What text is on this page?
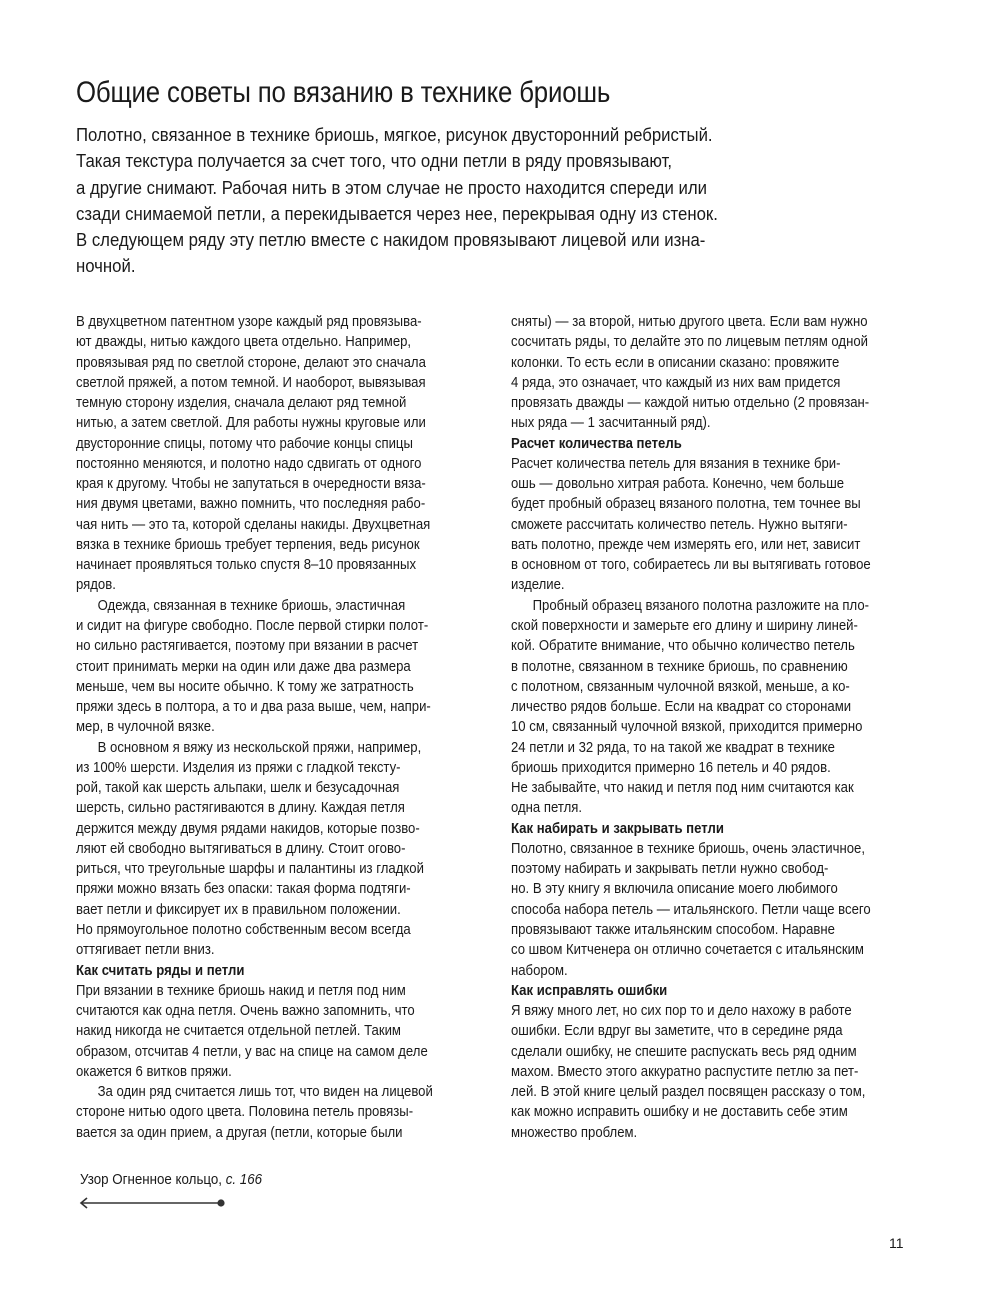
Общие советы по вязанию в технике бриошь
Полотно, связанное в технике бриошь, мягкое, рисунок двусторонний ребристый.
Такая текстура получается за счет того, что одни петли в ряду провязывают,
а другие снимают. Рабочая нить в этом случае не просто находится спереди или
сзади снимаемой петли, а перекидывается через нее, перекрывая одну из стенок.
В следующем ряду эту петлю вместе с накидом провязывают лицевой или изна-
ночной.
В двухцветном патентном узоре каждый ряд провязыва-
ют дважды, нитью каждого цвета отдельно. Например,
провязывая ряд по светлой стороне, делают это сначала
светлой пряжей, а потом темной. И наоборот, вывязывая
темную сторону изделия, сначала делают ряд темной
нитью, а затем светлой. Для работы нужны круговые или
двусторонние спицы, потому что рабочие концы спицы
постоянно меняются, и полотно надо сдвигать от одного
края к другому. Чтобы не запутаться в очередности вяза-
ния двумя цветами, важно помнить, что последняя рабо-
чая нить — это та, которой сделаны накиды. Двухцветная
вязка в технике бриошь требует терпения, ведь рисунок
начинает проявляться только спустя 8–10 провязанных
рядов.
Одежда, связанная в технике бриошь, эластичная
и сидит на фигуре свободно. После первой стирки полот-
но сильно растягивается, поэтому при вязании в расчет
стоит принимать мерки на один или даже два размера
меньше, чем вы носите обычно. К тому же затратность
пряжи здесь в полтора, а то и два раза выше, чем, напри-
мер, в чулочной вязке.
В основном я вяжу из нескольской пряжи, например,
из 100% шерсти. Изделия из пряжи с гладкой тексту-
рой, такой как шерсть альпаки, шелк и безусадочная
шерсть, сильно растягиваются в длину. Каждая петля
держится между двумя рядами накидов, которые позво-
ляют ей свободно вытягиваться в длину. Стоит огово-
риться, что треугольные шарфы и палантины из гладкой
пряжи можно вязать без опаски: такая форма подтяги-
вает петли и фиксирует их в правильном положении.
Но прямоугольное полотно собственным весом всегда
оттягивает петли вниз.
Как считать ряды и петли
При вязании в технике бриошь накид и петля под ним
считаются как одна петля. Очень важно запомнить, что
накид никогда не считается отдельной петлей. Таким
образом, отсчитав 4 петли, у вас на спице на самом деле
окажется 6 витков пряжи.
За один ряд считается лишь тот, что виден на лицевой
стороне нитью одого цвета. Половина петель провязы-
вается за один прием, а другая (петли, которые были
сняты) — за второй, нитью другого цвета. Если вам нужно
сосчитать ряды, то делайте это по лицевым петлям одной
колонки. То есть если в описании сказано: провяжите
4 ряда, это означает, что каждый из них вам придется
провязать дважды — каждой нитью отдельно (2 провязан-
ных ряда — 1 засчитанный ряд).
Расчет количества петель
Расчет количества петель для вязания в технике бри-
ошь — довольно хитрая работа. Конечно, чем больше
будет пробный образец вязаного полотна, тем точнее вы
сможете рассчитать количество петель. Нужно вытяги-
вать полотно, прежде чем измерять его, или нет, зависит
в основном от того, собираетесь ли вы вытягивать готовое
изделие.
Пробный образец вязаного полотна разложите на пло-
ской поверхности и замерьте его длину и ширину линей-
кой. Обратите внимание, что обычно количество петель
в полотне, связанном в технике бриошь, по сравнению
с полотном, связанным чулочной вязкой, меньше, а ко-
личество рядов больше. Если на квадрат со сторонами
10 см, связанный чулочной вязкой, приходится примерно
24 петли и 32 ряда, то на такой же квадрат в технике
бриошь приходится примерно 16 петель и 40 рядов.
Не забывайте, что накид и петля под ним считаются как
одна петля.
Как набирать и закрывать петли
Полотно, связанное в технике бриошь, очень эластичное,
поэтому набирать и закрывать петли нужно свобод-
но. В эту книгу я включила описание моего любимого
способа набора петель — итальянского. Петли чаще всего
провязывают также итальянским способом. Наравне
со швом Китченера он отлично сочетается с итальянским
набором.
Как исправлять ошибки
Я вяжу много лет, но сих пор то и дело нахожу в работе
ошибки. Если вдруг вы заметите, что в середине ряда
сделали ошибку, не спешите распускать весь ряд одним
махом. Вместо этого аккуратно распустите петлю за пет-
лей. В этой книге целый раздел посвящен рассказу о том,
как можно исправить ошибку и не доставить себе этим
множество проблем.
Узор Огненное кольцо, с. 166
11
